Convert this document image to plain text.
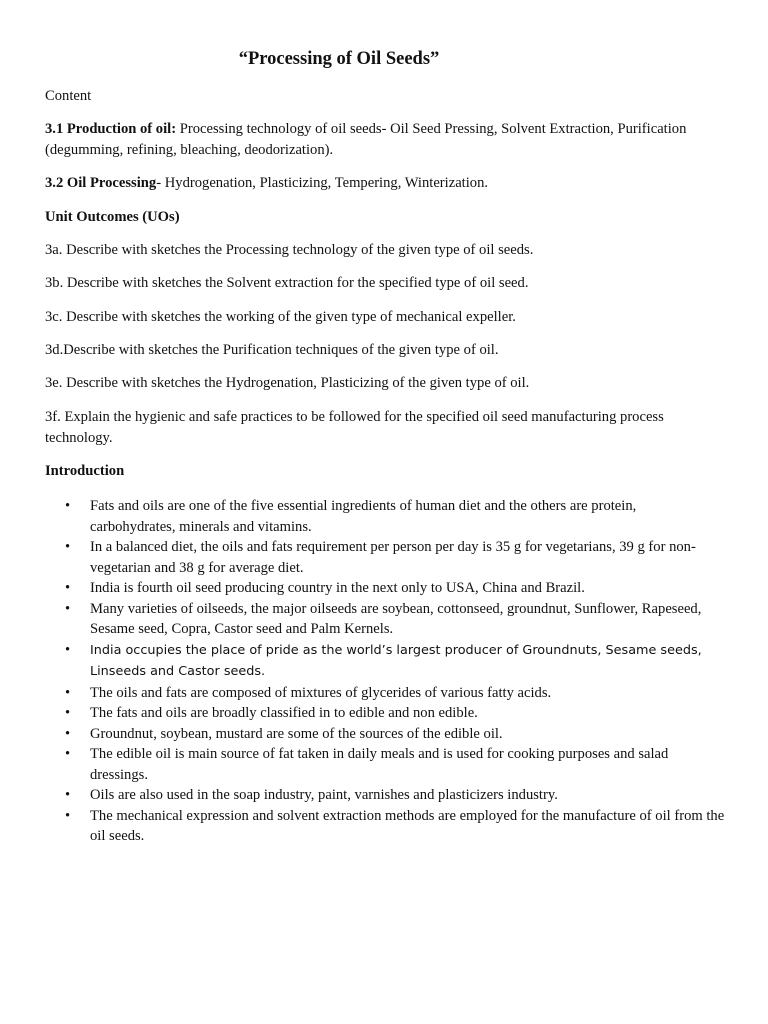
“Processing of Oil Seeds”

Content

3.1 Production of oil: Processing technology of oil seeds- Oil Seed Pressing, Solvent Extraction, Purification (degumming, refining, bleaching, deodorization).

3.2 Oil Processing- Hydrogenation, Plasticizing, Tempering, Winterization.

Unit Outcomes (UOs)

3a. Describe with sketches the Processing technology of the given type of oil seeds.

3b. Describe with sketches the Solvent extraction for the specified type of oil seed.

3c. Describe with sketches the working of the given type of mechanical expeller.

3d.Describe with sketches the Purification techniques of the given type of oil.

3e. Describe with sketches the Hydrogenation, Plasticizing of the given type of oil.

3f. Explain the hygienic and safe practices to be followed for the specified oil seed manufacturing process technology.

Introduction

• Fats and oils are one of the five essential ingredients of human diet and the others are protein, carbohydrates, minerals and vitamins.
• In a balanced diet, the oils and fats requirement per person per day is 35 g for vegetarians, 39 g for non-vegetarian and 38 g for average diet.
• India is fourth oil seed producing country in the next only to USA, China and Brazil.
• Many varieties of oilseeds, the major oilseeds are soybean, cottonseed, groundnut, Sunflower, Rapeseed, Sesame seed, Copra, Castor seed and Palm Kernels.
• India occupies the place of pride as the world’s largest producer of Groundnuts, Sesame seeds, Linseeds and Castor seeds.
• The oils and fats are composed of mixtures of glycerides of various fatty acids.
• The fats and oils are broadly classified in to edible and non edible.
• Groundnut, soybean, mustard are some of the sources of the edible oil.
• The edible oil is main source of fat taken in daily meals and is used for cooking purposes and salad dressings.
• Oils are also used in the soap industry, paint, varnishes and plasticizers industry.
• The mechanical expression and solvent extraction methods are employed for the manufacture of oil from the oil seeds.
